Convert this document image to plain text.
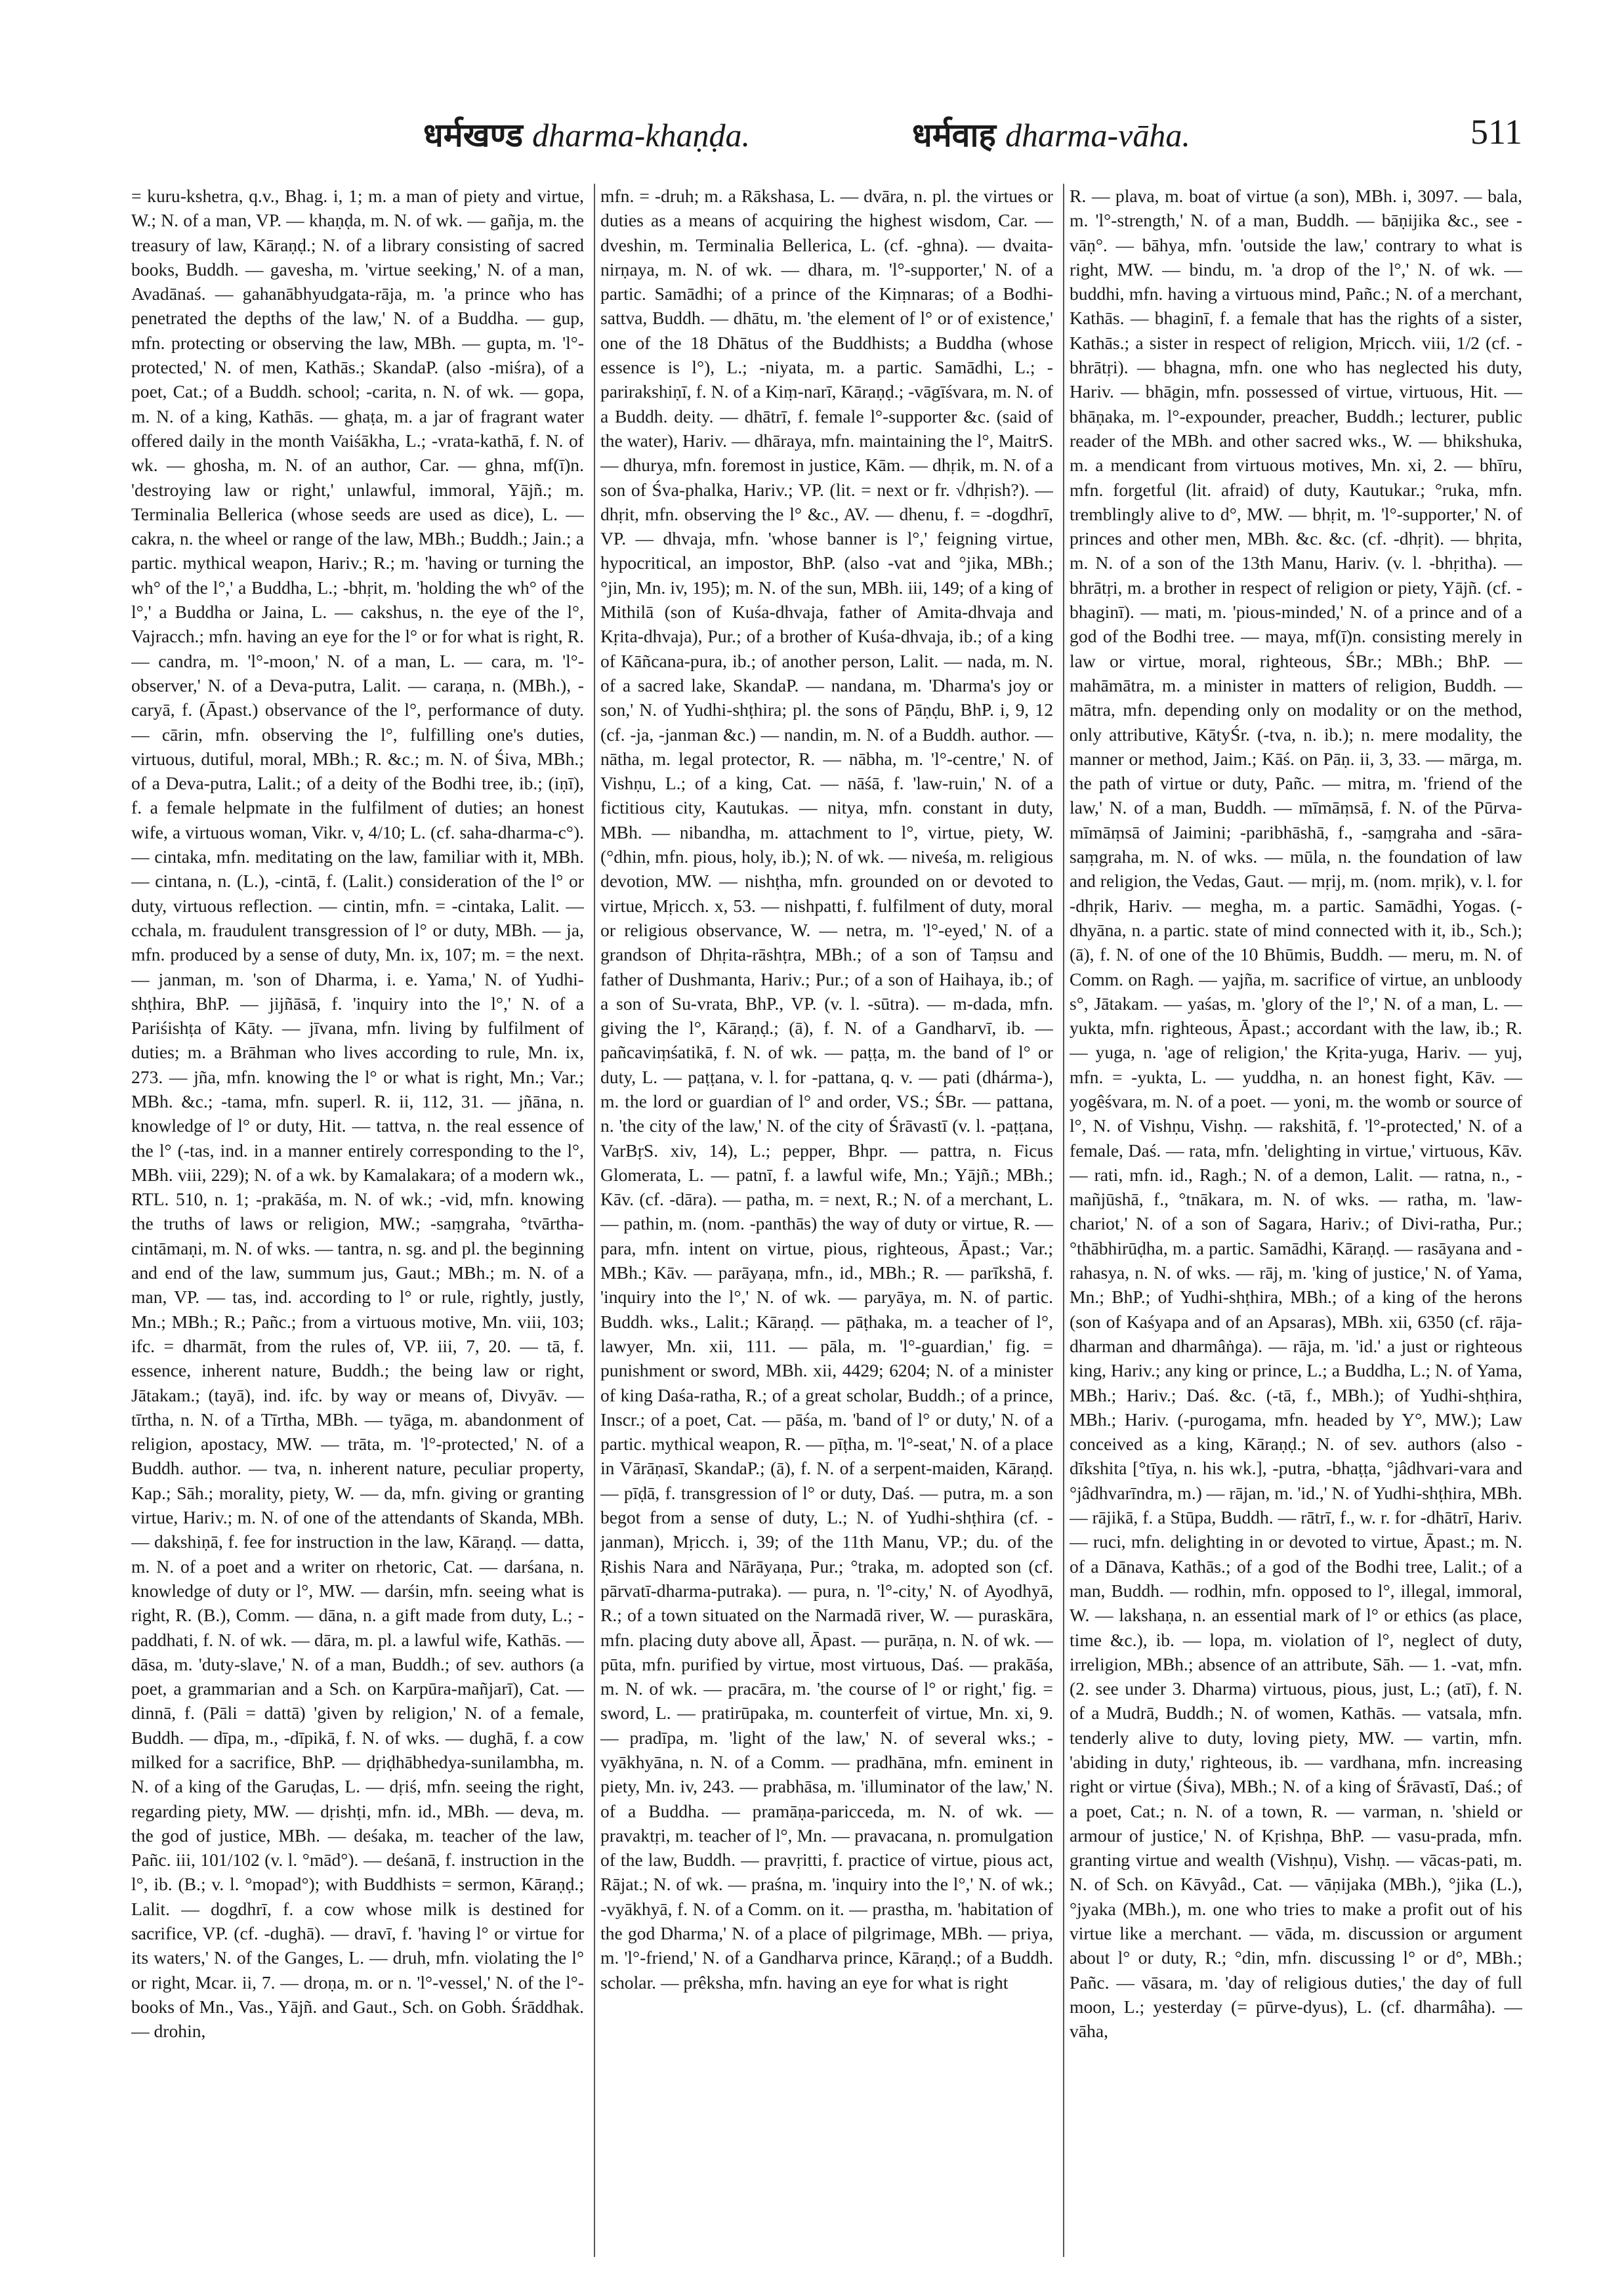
धर्मखण्ड dharma-khaṇḍa.	धर्मवाह dharma-vāha.	511
= kuru-kshetra, q.v., Bhag. i, 1; m. a man of piety and virtue, W.; N. of a man, VP. — khaṇḍa, m. N. of wk. — gañja, m. the treasury of law, Kāraṇḍ.; N. of a library consisting of sacred books, Buddh. — gavesha, m. 'virtue seeking,' N. of a man, Avadānaś. — gahanābhyudgata-rāja, m. 'a prince who has penetrated the depths of the law,' N. of a Buddha. — gup, mfn. protecting or observing the law, MBh. — gupta, m. 'l°-protected,' N. of men, Kathās.; SkandaP. (also -miśra), of a poet, Cat.; of a Buddh. school; -carita, n. N. of wk. — gopa, m. N. of a king, Kathās. — ghaṭa, m. a jar of fragrant water offered daily in the month Vaiśākha, L.; -vrata-kathā, f. N. of wk. — ghosha, m. N. of an author, Car. — ghna, mf(ī)n. 'destroying law or right,' unlawful, immoral, Yājñ.; m. Terminalia Bellerica (whose seeds are used as dice), L. — cakra, n. the wheel or range of the law, MBh.; Buddh.; Jain.; a partic. mythical weapon, Hariv.; R.; m. 'having or turning the wh° of the l°,' a Buddha, L.; -bhṛit, m. 'holding the wh° of the l°,' a Buddha or Jaina, L. — cakshus, n. the eye of the l°, Vajracch.; mfn. having an eye for the l° or for what is right, R. — candra, m. 'l°-moon,' N. of a man, L. — cara, m. 'l°-observer,' N. of a Deva-putra, Lalit. — caraṇa, n. (MBh.), -caryā, f. (Āpast.) observance of the l°, performance of duty. — cārin, mfn. observing the l°, fulfilling one's duties, virtuous, dutiful, moral, MBh.; R. &c.; m. N. of Śiva, MBh.; of a Deva-putra, Lalit.; of a deity of the Bodhi tree, ib.; (iṇī), f. a female helpmate in the fulfilment of duties; an honest wife, a virtuous woman, Vikr. v, 4/10; L. (cf. saha-dharma-c°). — cintaka, mfn. meditating on the law, familiar with it, MBh. — cintana, n. (L.), -cintā, f. (Lalit.) consideration of the l° or duty, virtuous reflection. — cintin, mfn. = -cintaka, Lalit. — cchala, m. fraudulent transgression of l° or duty, MBh. — ja, mfn. produced by a sense of duty, Mn. ix, 107; m. = the next. — janman, m. 'son of Dharma, i. e. Yama,' N. of Yudhi-shṭhira, BhP. — jijñāsā, f. 'inquiry into the l°,' N. of a Pariśishṭa of Kāty. — jīvana, mfn. living by fulfilment of duties; m. a Brāhman who lives according to rule, Mn. ix, 273. — jña, mfn. knowing the l° or what is right, Mn.; Var.; MBh. &c.; -tama, mfn. superl. R. ii, 112, 31. — jñāna, n. knowledge of l° or duty, Hit. — tattva, n. the real essence of the l° (-tas, ind. in a manner entirely corresponding to the l°, MBh. viii, 229); N. of a wk. by Kamalakara; of a modern wk., RTL. 510, n. 1; -prakāśa, m. N. of wk.; -vid, mfn. knowing the truths of laws or religion, MW.; -saṃgraha, °tvārtha-cintāmaṇi, m. N. of wks. — tantra, n. sg. and pl. the beginning and end of the law, summum jus, Gaut.; MBh.; m. N. of a man, VP. — tas, ind. according to l° or rule, rightly, justly, Mn.; MBh.; R.; Pañc.; from a virtuous motive, Mn. viii, 103; ifc. = dharmāt, from the rules of, VP. iii, 7, 20. — tā, f. essence, inherent nature, Buddh.; the being law or right, Jātakam.; (tayā), ind. ifc. by way or means of, Divyāv. — tīrtha, n. N. of a Tīrtha, MBh. — tyāga, m. abandonment of religion, apostacy, MW. — trāta, m. 'l°-protected,' N. of a Buddh. author. — tva, n. inherent nature, peculiar property, Kap.; Sāh.; morality, piety, W. — da, mfn. giving or granting virtue, Hariv.; m. N. of one of the attendants of Skanda, MBh. — dakshiṇā, f. fee for instruction in the law, Kāraṇḍ. — datta, m. N. of a poet and a writer on rhetoric, Cat. — darśana, n. knowledge of duty or l°, MW. — darśin, mfn. seeing what is right, R. (B.), Comm. — dāna, n. a gift made from duty, L.; -paddhati, f. N. of wk. — dāra, m. pl. a lawful wife, Kathās. — dāsa, m. 'duty-slave,' N. of a man, Buddh.; of sev. authors (a poet, a grammarian and a Sch. on Karpūra-mañjarī), Cat. — dinnā, f. (Pāli = dattā) 'given by religion,' N. of a female, Buddh. — dīpa, m., -dīpikā, f. N. of wks. — dughā, f. a cow milked for a sacrifice, BhP. — dṛiḍhābhedya-sunilambha, m. N. of a king of the Garuḍas, L. — dṛiś, mfn. seeing the right, regarding piety, MW. — dṛishṭi, mfn. id., MBh. — deva, m. the god of justice, MBh. — deśaka, m. teacher of the law, Pañc. iii, 101/102 (v. l. °mād°). — deśanā, f. instruction in the l°, ib. (B.; v. l. °mopad°); with Buddhists = sermon, Kāraṇḍ.; Lalit. — dogdhrī, f. a cow whose milk is destined for sacrifice, VP. (cf. -dughā). — dravī, f. 'having l° or virtue for its waters,' N. of the Ganges, L. — druh, mfn. violating the l° or right, Mcar. ii, 7. — droṇa, m. or n. 'l°-vessel,' N. of the l°-books of Mn., Vas., Yājñ. and Gaut., Sch. on Gobh. Śrāddhak. — drohin,
mfn. = -druh; m. a Rākshasa, L. — dvāra, n. pl. the virtues or duties as a means of acquiring the highest wisdom, Car. — dveshin, m. Terminalia Bellerica, L. (cf. -ghna). — dvaita-nirṇaya, m. N. of wk. — dhara, m. 'l°-supporter,' N. of a partic. Samādhi; of a prince of the Kiṃnaras; of a Bodhi-sattva, Buddh. — dhātu, m. 'the element of l° or of existence,' one of the 18 Dhātus of the Buddhists; a Buddha (whose essence is l°), L.; -niyata, m. a partic. Samādhi, L.; -parirakshiṇī, f. N. of a Kiṃ-narī, Kāraṇḍ.; -vāgīśvara, m. N. of a Buddh. deity. — dhātrī, f. female l°-supporter &c. (said of the water), Hariv. — dhāraya, mfn. maintaining the l°, MaitrS. — dhurya, mfn. foremost in justice, Kām. — dhṛik, m. N. of a son of Śva-phalka, Hariv.; VP. (lit. = next or fr. √dhṛish?). — dhṛit, mfn. observing the l° &c., AV. — dhenu, f. = -dogdhrī, VP. — dhvaja, mfn. 'whose banner is l°,' feigning virtue, hypocritical, an impostor, BhP. (also -vat and °jika, MBh.; °jin, Mn. iv, 195); m. N. of the sun, MBh. iii, 149; of a king of Mithilā (son of Kuśa-dhvaja, father of Amita-dhvaja and Kṛita-dhvaja), Pur.; of a brother of Kuśa-dhvaja, ib.; of a king of Kāñcana-pura, ib.; of another person, Lalit. — nada, m. N. of a sacred lake, SkandaP. — nandana, m. 'Dharma's joy or son,' N. of Yudhi-shṭhira; pl. the sons of Pāṇḍu, BhP. i, 9, 12 (cf. -ja, -janman &c.) — nandin, m. N. of a Buddh. author. — nātha, m. legal protector, R. — nābha, m. 'l°-centre,' N. of Vishṇu, L.; of a king, Cat. — nāśā, f. 'law-ruin,' N. of a fictitious city, Kautukas. — nitya, mfn. constant in duty, MBh. — nibandha, m. attachment to l°, virtue, piety, W. (°dhin, mfn. pious, holy, ib.); N. of wk. — niveśa, m. religious devotion, MW. — nishṭha, mfn. grounded on or devoted to virtue, Mṛicch. x, 53. — nishpatti, f. fulfilment of duty, moral or religious observance, W. — netra, m. 'l°-eyed,' N. of a grandson of Dhṛita-rāshṭra, MBh.; of a son of Taṃsu and father of Dushmanta, Hariv.; Pur.; of a son of Haihaya, ib.; of a son of Su-vrata, BhP., VP. (v. l. -sūtra). — m-dada, mfn. giving the l°, Kāraṇḍ.; (ā), f. N. of a Gandharvī, ib. — pañcaviṃśatikā, f. N. of wk. — paṭṭa, m. the band of l° or duty, L. — paṭṭana, v. l. for -pattana, q. v. — pati (dhárma-), m. the lord or guardian of l° and order, VS.; ŚBr. — pattana, n. 'the city of the law,' N. of the city of Śrāvastī (v. l. -paṭṭana, VarBṛS. xiv, 14), L.; pepper, Bhpr. — pattra, n. Ficus Glomerata, L. — patnī, f. a lawful wife, Mn.; Yājñ.; MBh.; Kāv. (cf. -dāra). — patha, m. = next, R.; N. of a merchant, L. — pathin, m. (nom. -panthās) the way of duty or virtue, R. — para, mfn. intent on virtue, pious, righteous, Āpast.; Var.; MBh.; Kāv. — parāyaṇa, mfn., id., MBh.; R. — parīkshā, f. 'inquiry into the l°,' N. of wk. — paryāya, m. N. of partic. Buddh. wks., Lalit.; Kāraṇḍ. — pāṭhaka, m. a teacher of l°, lawyer, Mn. xii, 111. — pāla, m. 'l°-guardian,' fig. = punishment or sword, MBh. xii, 4429; 6204; N. of a minister of king Daśa-ratha, R.; of a great scholar, Buddh.; of a prince, Inscr.; of a poet, Cat. — pāśa, m. 'band of l° or duty,' N. of a partic. mythical weapon, R. — pīṭha, m. 'l°-seat,' N. of a place in Vārāṇasī, SkandaP.; (ā), f. N. of a serpent-maiden, Kāraṇḍ. — pīḍā, f. transgression of l° or duty, Daś. — putra, m. a son begot from a sense of duty, L.; N. of Yudhi-shṭhira (cf. -janman), Mṛicch. i, 39; of the 11th Manu, VP.; du. of the Ṛishis Nara and Nārāyaṇa, Pur.; °traka, m. adopted son (cf. pārvatī-dharma-putraka). — pura, n. 'l°-city,' N. of Ayodhyā, R.; of a town situated on the Narmadā river, W. — puraskāra, mfn. placing duty above all, Āpast. — purāṇa, n. N. of wk. — pūta, mfn. purified by virtue, most virtuous, Daś. — prakāśa, m. N. of wk. — pracāra, m. 'the course of l° or right,' fig. = sword, L. — pratirūpaka, m. counterfeit of virtue, Mn. xi, 9. — pradīpa, m. 'light of the law,' N. of several wks.; -vyākhyāna, n. N. of a Comm. — pradhāna, mfn. eminent in piety, Mn. iv, 243. — prabhāsa, m. 'illuminator of the law,' N. of a Buddha. — pramāṇa-paricceda, m. N. of wk. — pravaktṛi, m. teacher of l°, Mn. — pravacana, n. promulgation of the law, Buddh. — pravṛitti, f. practice of virtue, pious act, Rājat.; N. of wk. — praśna, m. 'inquiry into the l°,' N. of wk.; -vyākhyā, f. N. of a Comm. on it. — prastha, m. 'habitation of the god Dharma,' N. of a place of pilgrimage, MBh. — priya, m. 'l°-friend,' N. of a Gandharva prince, Kāraṇḍ.; of a Buddh. scholar. — prêksha, mfn. having an eye for what is right
R. — plava, m. boat of virtue (a son), MBh. i, 3097. — bala, m. 'l°-strength,' N. of a man, Buddh. — bāṇijika &c., see -vāṇ°. — bāhya, mfn. 'outside the law,' contrary to what is right, MW. — bindu, m. 'a drop of the l°,' N. of wk. — buddhi, mfn. having a virtuous mind, Pañc.; N. of a merchant, Kathās. — bhaginī, f. a female that has the rights of a sister, Kathās.; a sister in respect of religion, Mṛicch. viii, 1/2 (cf. -bhrātṛi). — bhagna, mfn. one who has neglected his duty, Hariv. — bhāgin, mfn. possessed of virtue, virtuous, Hit. — bhāṇaka, m. l°-expounder, preacher, Buddh.; lecturer, public reader of the MBh. and other sacred wks., W. — bhikshuka, m. a mendicant from virtuous motives, Mn. xi, 2. — bhīru, mfn. forgetful (lit. afraid) of duty, Kautukar.; °ruka, mfn. tremblingly alive to d°, MW. — bhṛit, m. 'l°-supporter,' N. of princes and other men, MBh. &c. &c. (cf. -dhṛit). — bhṛita, m. N. of a son of the 13th Manu, Hariv. (v. l. -bhṛitha). — bhrātṛi, m. a brother in respect of religion or piety, Yājñ. (cf. -bhaginī). — mati, m. 'pious-minded,' N. of a prince and of a god of the Bodhi tree. — maya, mf(ī)n. consisting merely in law or virtue, moral, righteous, ŚBr.; MBh.; BhP. — mahāmātra, m. a minister in matters of religion, Buddh. — mātra, mfn. depending only on modality or on the method, only attributive, KātyŚr. (-tva, n. ib.); n. mere modality, the manner or method, Jaim.; Kāś. on Pāṇ. ii, 3, 33. — mārga, m. the path of virtue or duty, Pañc. — mitra, m. 'friend of the law,' N. of a man, Buddh. — mīmāṃsā, f. N. of the Pūrva-mīmāṃsā of Jaimini; -paribhāshā, f., -saṃgraha and -sāra-saṃgraha, m. N. of wks. — mūla, n. the foundation of law and religion, the Vedas, Gaut. — mṛij, m. (nom. mṛik), v. l. for -dhṛik, Hariv. — megha, m. a partic. Samādhi, Yogas. (-dhyāna, n. a partic. state of mind connected with it, ib., Sch.); (ā), f. N. of one of the 10 Bhūmis, Buddh. — meru, m. N. of Comm. on Ragh. — yajña, m. sacrifice of virtue, an unbloody s°, Jātakam. — yaśas, m. 'glory of the l°,' N. of a man, L. — yukta, mfn. righteous, Āpast.; accordant with the law, ib.; R. — yuga, n. 'age of religion,' the Kṛita-yuga, Hariv. — yuj, mfn. = -yukta, L. — yuddha, n. an honest fight, Kāv. — yogêśvara, m. N. of a poet. — yoni, m. the womb or source of l°, N. of Vishṇu, Vishṇ. — rakshitā, f. 'l°-protected,' N. of a female, Daś. — rata, mfn. 'delighting in virtue,' virtuous, Kāv. — rati, mfn. id., Ragh.; N. of a demon, Lalit. — ratna, n., -mañjūshā, f., °tnākara, m. N. of wks. — ratha, m. 'law-chariot,' N. of a son of Sagara, Hariv.; of Divi-ratha, Pur.; °thābhirūḍha, m. a partic. Samādhi, Kāraṇḍ. — rasāyana and -rahasya, n. N. of wks. — rāj, m. 'king of justice,' N. of Yama, Mn.; BhP.; of Yudhi-shṭhira, MBh.; of a king of the herons (son of Kaśyapa and of an Apsaras), MBh. xii, 6350 (cf. rāja-dharman and dharmâṅga). — rāja, m. 'id.' a just or righteous king, Hariv.; any king or prince, L.; a Buddha, L.; N. of Yama, MBh.; Hariv.; Daś. &c. (-tā, f., MBh.); of Yudhi-shṭhira, MBh.; Hariv. (-purogama, mfn. headed by Y°, MW.); Law conceived as a king, Kāraṇḍ.; N. of sev. authors (also -dīkshita [°tīya, n. his wk.], -putra, -bhaṭṭa, °jâdhvari-vara and °jâdhvarīndra, m.) — rājan, m. 'id.,' N. of Yudhi-shṭhira, MBh. — rājikā, f. a Stūpa, Buddh. — rātrī, f., w. r. for -dhātrī, Hariv. — ruci, mfn. delighting in or devoted to virtue, Āpast.; m. N. of a Dānava, Kathās.; of a god of the Bodhi tree, Lalit.; of a man, Buddh. — rodhin, mfn. opposed to l°, illegal, immoral, W. — lakshaṇa, n. an essential mark of l° or ethics (as place, time &c.), ib. — lopa, m. violation of l°, neglect of duty, irreligion, MBh.; absence of an attribute, Sāh. — 1. -vat, mfn. (2. see under 3. Dharma) virtuous, pious, just, L.; (atī), f. N. of a Mudrā, Buddh.; N. of women, Kathās. — vatsala, mfn. tenderly alive to duty, loving piety, MW. — vartin, mfn. 'abiding in duty,' righteous, ib. — vardhana, mfn. increasing right or virtue (Śiva), MBh.; N. of a king of Śrāvastī, Daś.; of a poet, Cat.; n. N. of a town, R. — varman, n. 'shield or armour of justice,' N. of Kṛishṇa, BhP. — vasu-prada, mfn. granting virtue and wealth (Vishṇu), Vishṇ. — vācas-pati, m. N. of Sch. on Kāvyâd., Cat. — vāṇijaka (MBh.), °jika (L.), °jyaka (MBh.), m. one who tries to make a profit out of his virtue like a merchant. — vāda, m. discussion or argument about l° or duty, R.; °din, mfn. discussing l° or d°, MBh.; Pañc. — vāsara, m. 'day of religious duties,' the day of full moon, L.; yesterday (= pūrve-dyus), L. (cf. dharmâha). — vāha,
